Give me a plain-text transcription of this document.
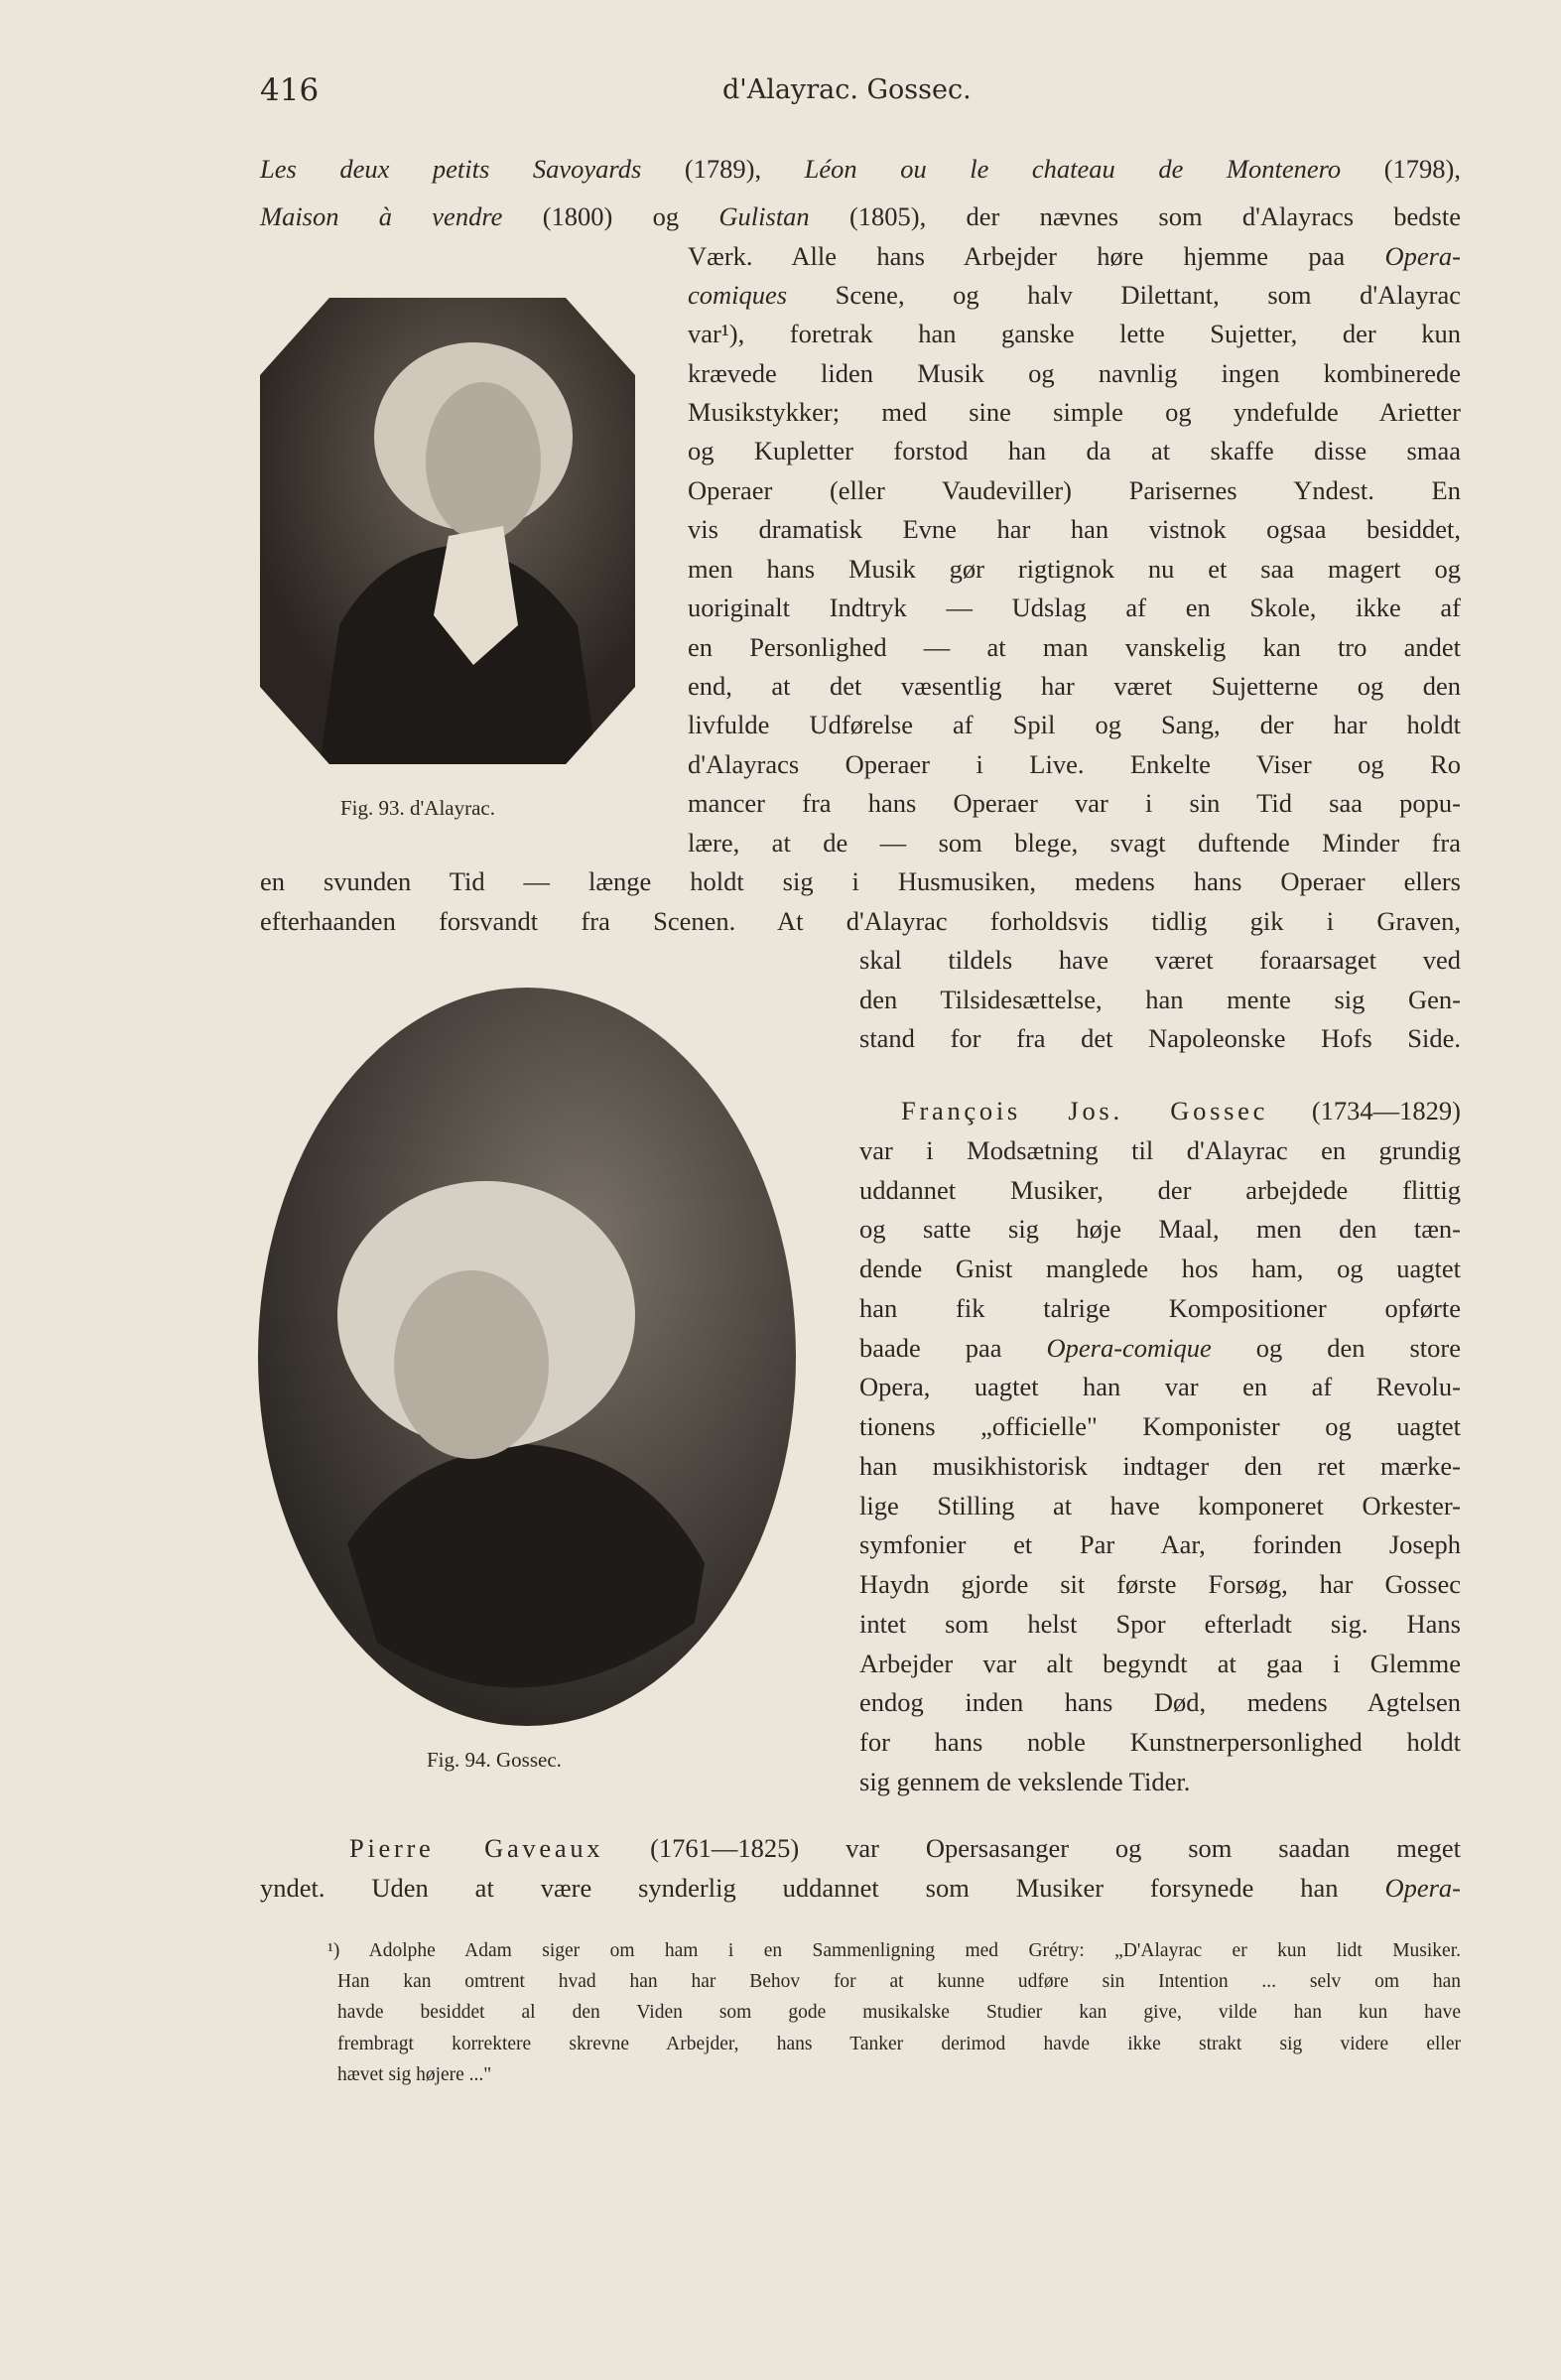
416	d'Alayrac. Gossec.
Fig. 93. d'Alayrac.
Fig. 94. Gossec.
Les deux petits Savoyards (1789), Léon ou le chateau de Montenero (1798),
Maison à vendre (1800) og Gulistan (1805), der nævnes som d'Alayracs bedste
Værk. Alle hans Arbejder høre hjemme paa Opera-
comiques Scene, og halv Dilettant, som d'Alayrac
var¹), foretrak han ganske lette Sujetter, der kun
krævede liden Musik og navnlig ingen kombinerede
Musikstykker; med sine simple og yndefulde Arietter
og Kupletter forstod han da at skaffe disse smaa
Operaer (eller Vaudeviller) Parisernes Yndest. En
vis dramatisk Evne har han vistnok ogsaa besiddet,
men hans Musik gør rigtignok nu et saa magert og
uoriginalt Indtryk — Udslag af en Skole, ikke af
en Personlighed — at man vanskelig kan tro andet
end, at det væsentlig har været Sujetterne og den
livfulde Udførelse af Spil og Sang, der har holdt
d'Alayracs Operaer i Live. Enkelte Viser og Ro
mancer fra hans Operaer var i sin Tid saa popu-
lære, at de — som blege, svagt duftende Minder fra
en svunden Tid — længe holdt sig i Husmusiken, medens hans Operaer ellers
efterhaanden forsvandt fra Scenen. At d'Alayrac forholdsvis tidlig gik i Graven,
skal tildels have været foraarsaget ved
den Tilsidesættelse, han mente sig Gen-
stand for fra det Napoleonske Hofs Side.
François Jos. Gossec (1734—1829)
var i Modsætning til d'Alayrac en grundig
uddannet Musiker, der arbejdede flittig
og satte sig høje Maal, men den tæn-
dende Gnist manglede hos ham, og uagtet
han fik talrige Kompositioner opførte
baade paa Opera-comique og den store
Opera, uagtet han var en af Revolu-
tionens „officielle" Komponister og uagtet
han musikhistorisk indtager den ret mærke-
lige Stilling at have komponeret Orkester-
symfonier et Par Aar, forinden Joseph
Haydn gjorde sit første Forsøg, har Gossec
intet som helst Spor efterladt sig. Hans
Arbejder var alt begyndt at gaa i Glemme
endog inden hans Død, medens Agtelsen
for hans noble Kunstnerpersonlighed holdt
sig gennem de vekslende Tider.
Pierre Gaveaux (1761—1825) var Opersasanger og som saadan meget
yndet. Uden at være synderlig uddannet som Musiker forsynede han Opera-
¹) Adolphe Adam siger om ham i en Sammenligning med Grétry: „D'Alayrac er kun lidt Musiker.
Han kan omtrent hvad han har Behov for at kunne udføre sin Intention ... selv om han
havde besiddet al den Viden som gode musikalske Studier kan give, vilde han kun have
frembragt korrektere skrevne Arbejder, hans Tanker derimod havde ikke strakt sig videre eller
hævet sig højere ..."
